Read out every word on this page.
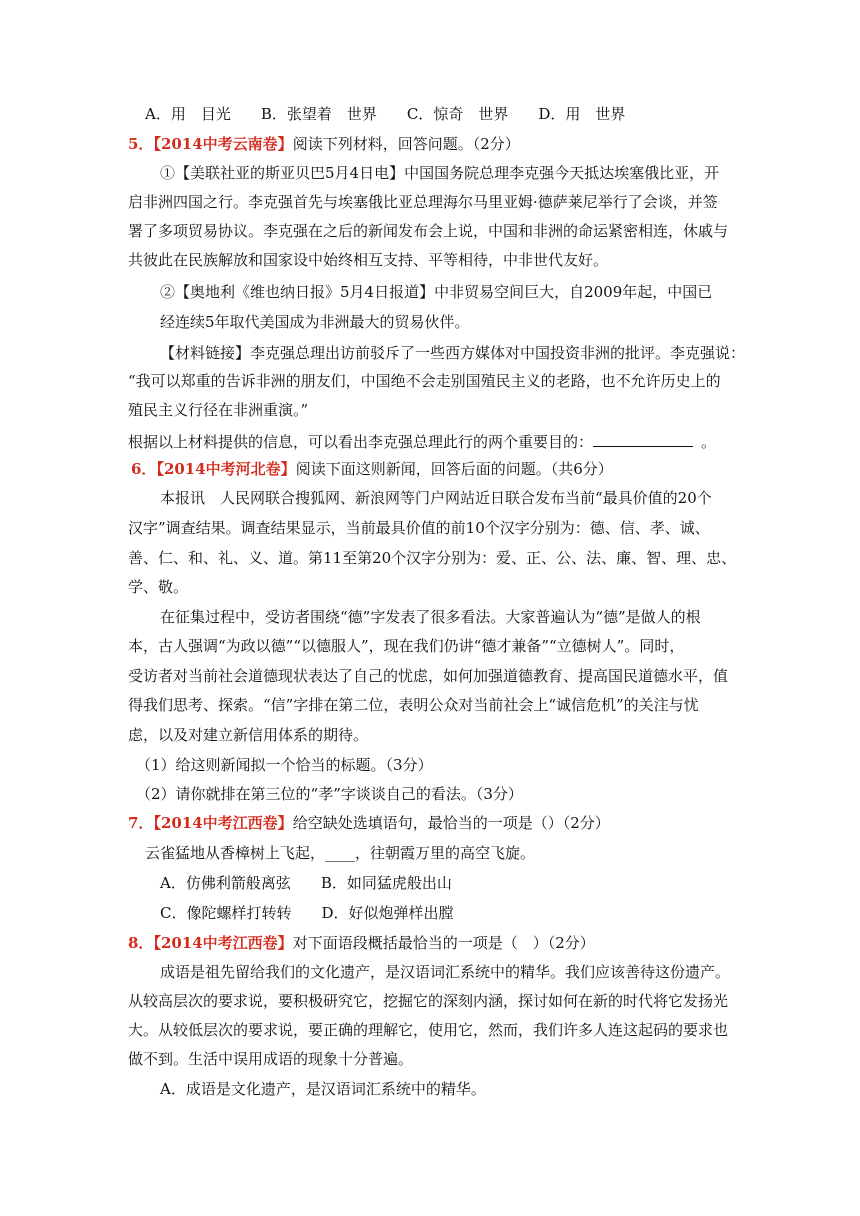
A．用　目光　　B．张望着　世界　　C．惊奇　世界　　D．用　世界
5．【2014中考云南卷】阅读下列材料，回答问题。（2分）
①【美联社亚的斯亚贝巴5月4日电】中国国务院总理李克强今天抵达埃塞俄比亚，开
启非洲四国之行。李克强首先与埃塞俄比亚总理海尔马里亚姆·德萨莱尼举行了会谈，并签
署了多项贸易协议。李克强在之后的新闻发布会上说，中国和非洲的命运紧密相连，休戚与
共彼此在民族解放和国家设中始终相互支持、平等相待，中非世代友好。
②【奥地利《维也纳日报》5月4日报道】中非贸易空间巨大，自2009年起，中国已
经连续5年取代美国成为非洲最大的贸易伙伴。
【材料链接】李克强总理出访前驳斥了一些西方媒体对中国投资非洲的批评。李克强说：
“我可以郑重的告诉非洲的朋友们，中国绝不会走别国殖民主义的老路，也不允许历史上的
殖民主义行径在非洲重演。”
根据以上材料提供的信息，可以看出李克强总理此行的两个重要目的：	。
6．【2014中考河北卷】阅读下面这则新闻，回答后面的问题。（共6分）
本报讯　人民网联合搜狐网、新浪网等门户网站近日联合发布当前“最具价值的20个
汉字”调查结果。调查结果显示，当前最具价值的前10个汉字分别为：德、信、孝、诚、
善、仁、和、礼、义、道。第11至第20个汉字分别为：爱、正、公、法、廉、智、理、忠、
学、敬。
在征集过程中，受访者围绕“德”字发表了很多看法。大家普遍认为“德”是做人的根
本，古人强调“为政以德”“以德服人”，现在我们仍讲“德才兼备”“立德树人”。同时，
受访者对当前社会道德现状表达了自己的忧虑，如何加强道德教育、提高国民道德水平，值
得我们思考、探索。“信”字排在第二位，表明公众对当前社会上“诚信危机”的关注与忧
虑，以及对建立新信用体系的期待。
（1）给这则新闻拟一个恰当的标题。（3分）
（2）请你就排在第三位的“孝”字谈谈自己的看法。（3分）
7．【2014中考江西卷】给空缺处选填语句，最恰当的一项是（）（2分）
云雀猛地从香樟树上飞起，____，往朝霞万里的高空飞旋。
A．仿佛利箭般离弦　　B．如同猛虎般出山
C．像陀螺样打转转　　D．好似炮弹样出膛
8．【2014中考江西卷】对下面语段概括最恰当的一项是（　）（2分）
成语是祖先留给我们的文化遗产，是汉语词汇系统中的精华。我们应该善待这份遗产。
从较高层次的要求说，要积极研究它，挖掘它的深刻内涵，探讨如何在新的时代将它发扬光
大。从较低层次的要求说，要正确的理解它，使用它，然而，我们许多人连这起码的要求也
做不到。生活中误用成语的现象十分普遍。
A．成语是文化遗产，是汉语词汇系统中的精华。
